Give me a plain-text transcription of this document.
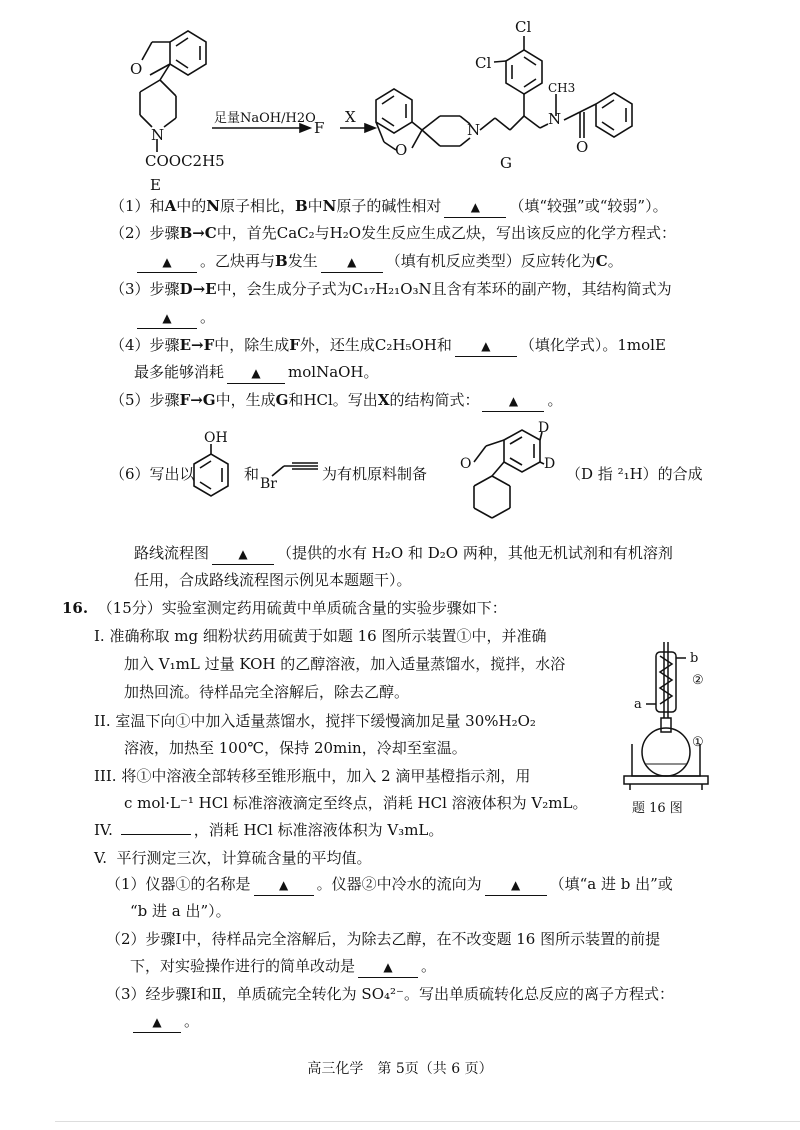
O
N
COOC2H5
E
足量NaOH/H2O
F
X
O
N
Cl
Cl
N
CH3
O
G
（1）和A中的N原子相比，B中N原子的碱性相对 ▲ （填“较强”或“较弱”）。
（2）步骤B→C中，首先CaC₂与H₂O发生反应生成乙炔，写出该反应的化学方程式：
▲ 。乙炔再与B发生 ▲ （填有机反应类型）反应转化为C。
（3）步骤D→E中，会生成分子式为C₁₇H₂₁O₃N且含有苯环的副产物，其结构简式为
▲ 。
（4）步骤E→F中，除生成F外，还生成C₂H₅OH和 ▲ （填化学式）。1molE
最多能够消耗 ▲ molNaOH。
（5）步骤F→G中，生成G和HCl。写出X的结构简式： ▲ 。
（6）写出以
OH
和
Br
为有机原料制备
O
D
D
（D 指 ²₁H）的合成
路线流程图 ▲ （提供的水有 H₂O 和 D₂O 两种，其他无机试剂和有机溶剂
任用，合成路线流程图示例见本题题干）。
16. （15分）实验室测定药用硫黄中单质硫含量的实验步骤如下：
I. 准确称取 mg 细粉状药用硫黄于如题 16 图所示装置①中，并准确
加入 V₁mL 过量 KOH 的乙醇溶液，加入适量蒸馏水，搅拌，水浴
加热回流。待样品完全溶解后，除去乙醇。
II. 室温下向①中加入适量蒸馏水，搅拌下缓慢滴加足量 30%H₂O₂
溶液，加热至 100℃，保持 20min，冷却至室温。
III. 将①中溶液全部转移至锥形瓶中，加入 2 滴甲基橙指示剂，用
c mol·L⁻¹ HCl 标准溶液滴定至终点，消耗 HCl 溶液体积为 V₂mL。
IV.	，消耗 HCl 标准溶液体积为 V₃mL。
V. 平行测定三次，计算硫含量的平均值。
b
a
②
①
题 16 图
（1）仪器①的名称是 ▲ 。仪器②中冷水的流向为 ▲ （填“a 进 b 出”或
“b 进 a 出”）。
（2）步骤Ⅰ中，待样品完全溶解后，为除去乙醇，在不改变题 16 图所示装置的前提
下，对实验操作进行的简单改动是 ▲ 。
（3）经步骤Ⅰ和Ⅱ，单质硫完全转化为 SO₄²⁻。写出单质硫转化总反应的离子方程式：
▲ 。
高三化学　第 5页（共 6 页）
